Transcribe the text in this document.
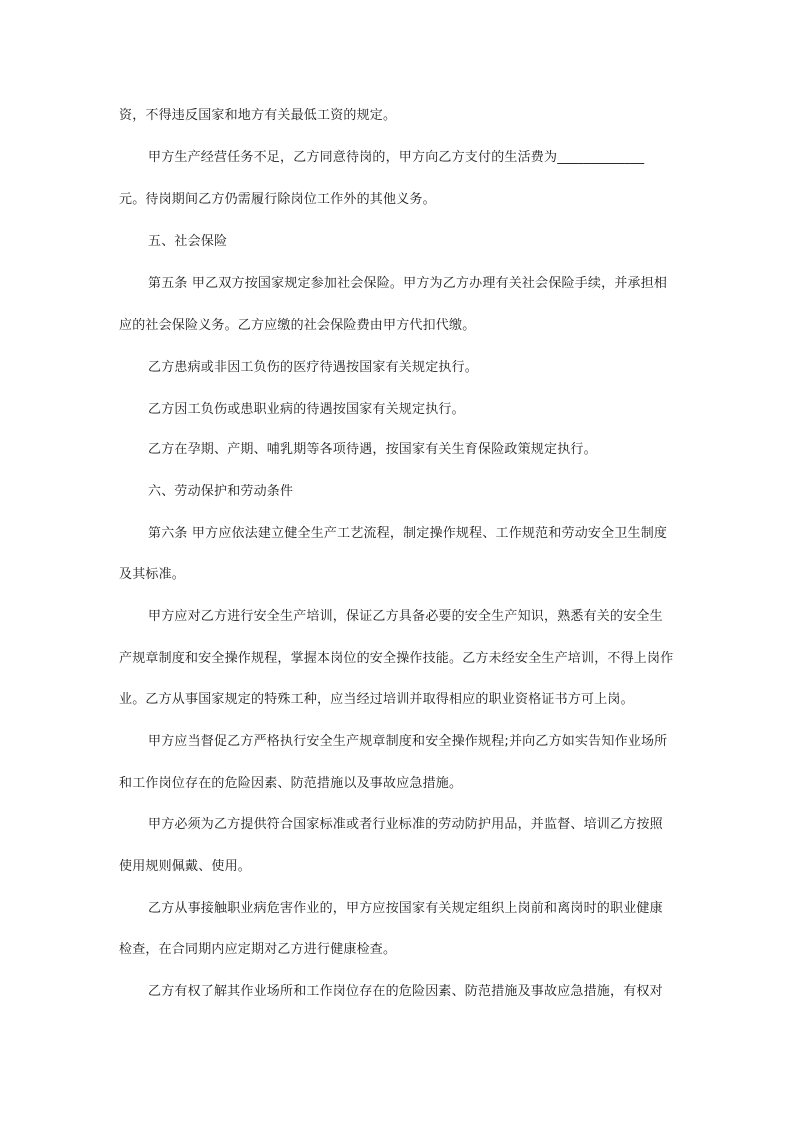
资，不得违反国家和地方有关最低工资的规定。
甲方生产经营任务不足，乙方同意待岗的，甲方向乙方支付的生活费为_____________
元。待岗期间乙方仍需履行除岗位工作外的其他义务。
五、社会保险
第五条 甲乙双方按国家规定参加社会保险。甲方为乙方办理有关社会保险手续，并承担相
应的社会保险义务。乙方应缴的社会保险费由甲方代扣代缴。
乙方患病或非因工负伤的医疗待遇按国家有关规定执行。
乙方因工负伤或患职业病的待遇按国家有关规定执行。
乙方在孕期、产期、哺乳期等各项待遇，按国家有关生育保险政策规定执行。
六、劳动保护和劳动条件
第六条 甲方应依法建立健全生产工艺流程，制定操作规程、工作规范和劳动安全卫生制度
及其标准。
甲方应对乙方进行安全生产培训，保证乙方具备必要的安全生产知识，熟悉有关的安全生
产规章制度和安全操作规程，掌握本岗位的安全操作技能。乙方未经安全生产培训，不得上岗作
业。乙方从事国家规定的特殊工种，应当经过培训并取得相应的职业资格证书方可上岗。
甲方应当督促乙方严格执行安全生产规章制度和安全操作规程;并向乙方如实告知作业场所
和工作岗位存在的危险因素、防范措施以及事故应急措施。
甲方必须为乙方提供符合国家标准或者行业标准的劳动防护用品，并监督、培训乙方按照
使用规则佩戴、使用。
乙方从事接触职业病危害作业的，甲方应按国家有关规定组织上岗前和离岗时的职业健康
检查，在合同期内应定期对乙方进行健康检查。
乙方有权了解其作业场所和工作岗位存在的危险因素、防范措施及事故应急措施，有权对
